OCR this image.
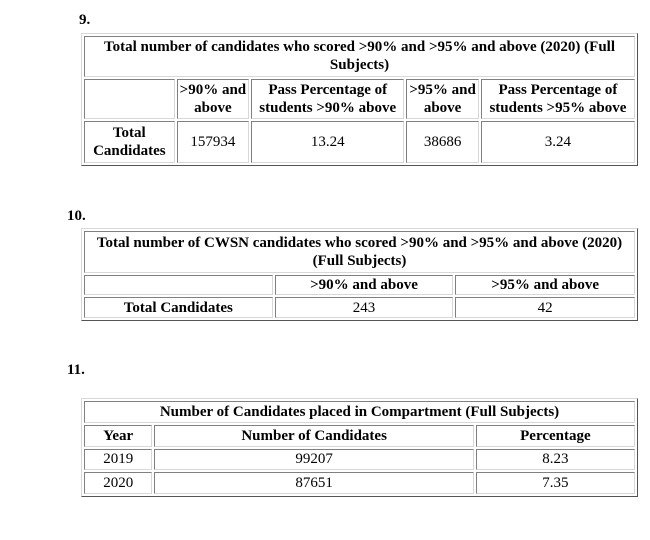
9.
Total number of candidates who scored >90% and >95% and above (2020) (Full Subjects)				
	>90% and above	Pass Percentage of students >90% above	>95% and above	Pass Percentage of students >95% above
Total Candidates	157934	13.24	38686	3.24
10.
Total number of CWSN candidates who scored >90% and >95% and above (2020) (Full Subjects)		
	>90% and above	>95% and above
Total Candidates	243	42
11.
Number of Candidates placed in Compartment (Full Subjects)		
Year	Number of Candidates	Percentage
2019	99207	8.23
2020	87651	7.35
